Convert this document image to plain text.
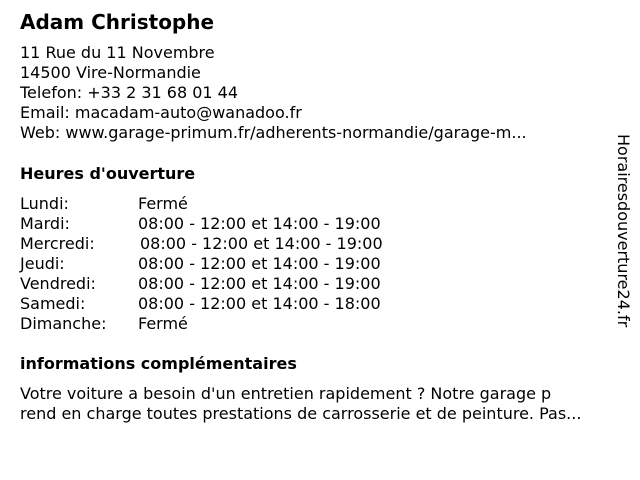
Adam Christophe
11 Rue du 11 Novembre
14500 Vire-Normandie
Telefon: +33 2 31 68 01 44
Email: macadam-auto@wanadoo.fr
Web: www.garage-primum.fr/adherents-normandie/garage-m...
Heures d'ouverture
Lundi:	Fermé
Mardi:	08:00 - 12:00 et 14:00 - 19:00
Mercredi:	08:00 - 12:00 et 14:00 - 19:00
Jeudi:	08:00 - 12:00 et 14:00 - 19:00
Vendredi:	08:00 - 12:00 et 14:00 - 19:00
Samedi:	08:00 - 12:00 et 14:00 - 18:00
Dimanche: Fermé
informations complémentaires
Votre voiture a besoin d'un entretien rapidement ? Notre garage p
rend en charge toutes prestations de carrosserie et de peinture. Pas...
Horairesdouverture24.fr
